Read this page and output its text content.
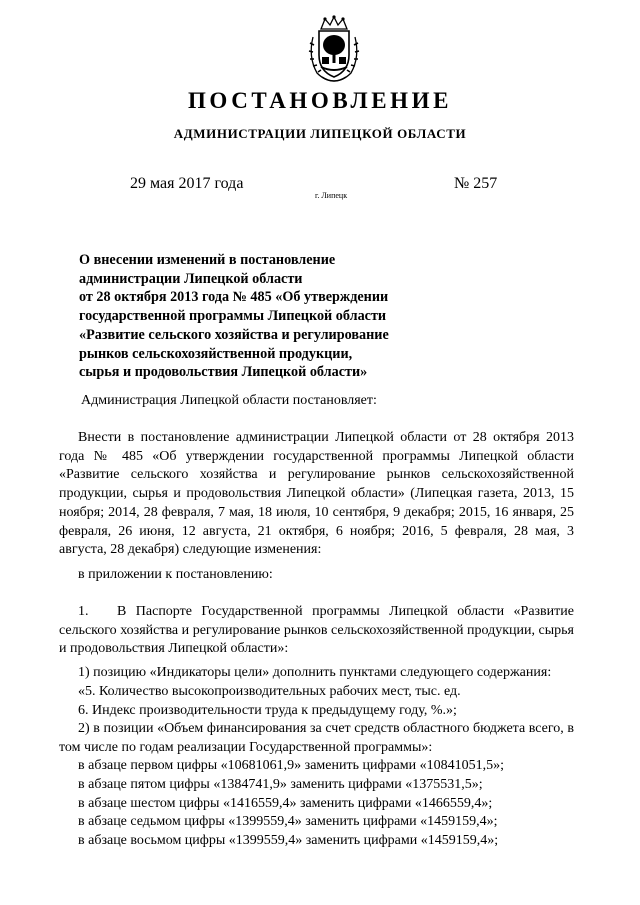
ПОСТАНОВЛЕНИЕ
АДМИНИСТРАЦИИ ЛИПЕЦКОЙ ОБЛАСТИ
29 мая 2017 года
г. Липецк
№ 257
О внесении изменений в постановление
администрации Липецкой области
от 28 октября 2013 года № 485 «Об утверждении
государственной программы Липецкой области
«Развитие сельского хозяйства и регулирование
рынков сельскохозяйственной продукции,
сырья и продовольствия Липецкой области»
Администрация Липецкой области постановляет:
Внести в постановление администрации Липецкой области от 28 октября 2013 года № 485 «Об утверждении государственной программы Липецкой области «Развитие сельского хозяйства и регулирование рынков сельскохозяйственной продукции, сырья и продовольствия Липецкой области» (Липецкая газета, 2013, 15 ноября; 2014, 28 февраля, 7 мая, 18 июля, 10 сентября, 9 декабря; 2015, 16 января, 25 февраля, 26 июня, 12 августа, 21 октября, 6 ноября; 2016, 5 февраля, 28 мая, 3 августа, 28 декабря) следующие изменения:
в приложении к постановлению:
1.	В Паспорте Государственной программы Липецкой области «Развитие сельского хозяйства и регулирование рынков сельскохозяйственной продукции, сырья и продовольствия Липецкой области»:
1) позицию «Индикаторы цели» дополнить пунктами следующего содержания:
«5. Количество высокопроизводительных рабочих мест, тыс. ед.
6. Индекс производительности труда к предыдущему году, %.»;
2) в позиции «Объем финансирования за счет средств областного бюджета всего, в том числе по годам реализации Государственной программы»:
в абзаце первом цифры «10681061,9» заменить цифрами «10841051,5»;
в абзаце пятом цифры «1384741,9» заменить цифрами «1375531,5»;
в абзаце шестом цифры «1416559,4» заменить цифрами «1466559,4»;
в абзаце седьмом цифры «1399559,4» заменить цифрами «1459159,4»;
в абзаце восьмом цифры «1399559,4» заменить цифрами «1459159,4»;
